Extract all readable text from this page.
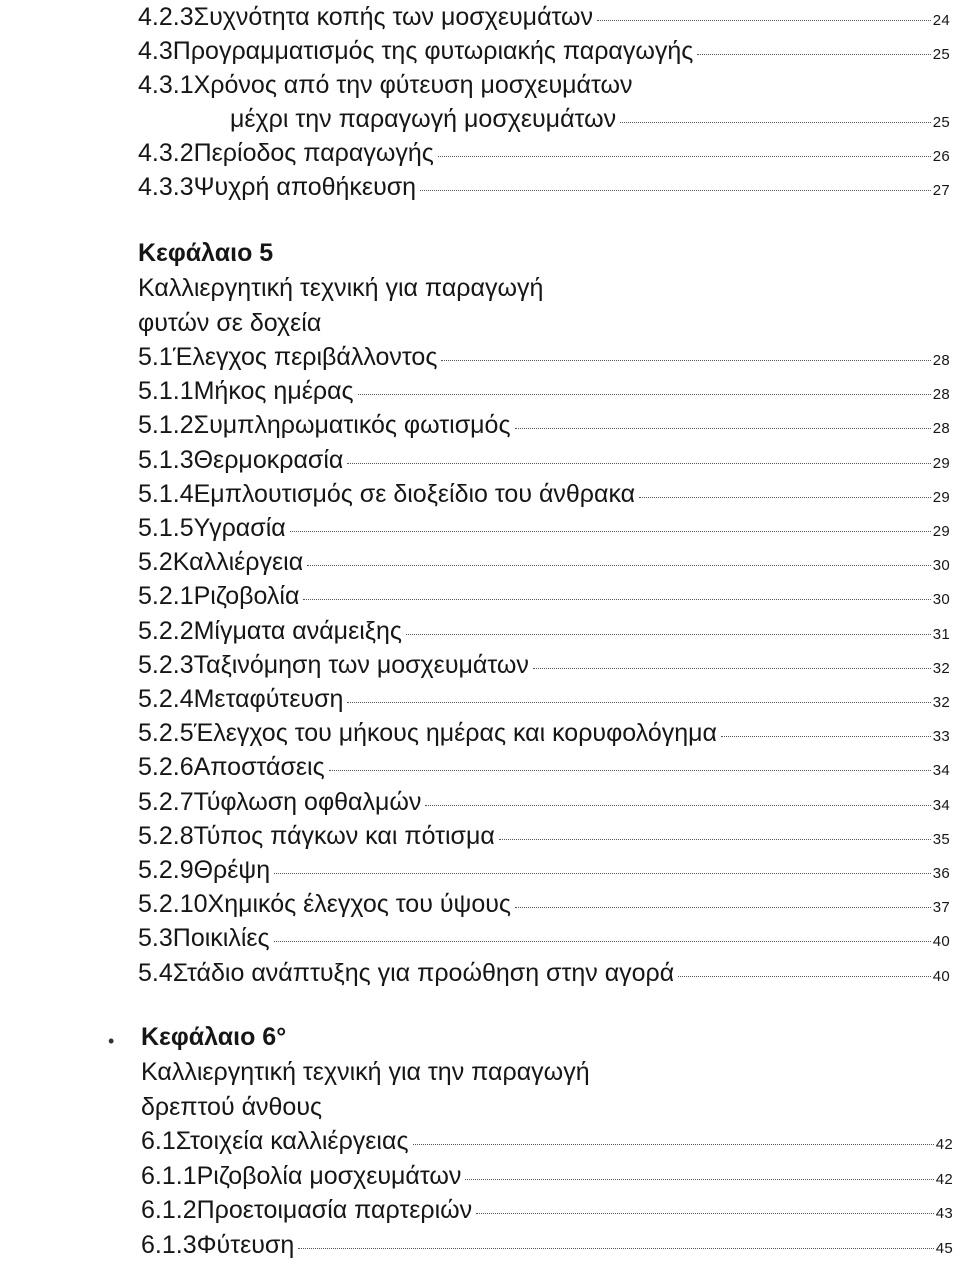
4.2.3 Συχνότητα κοπής των μοσχευμάτων	24
4.3 Προγραμματισμός της φυτωριακής παραγωγής	25
4.3.1 Χρόνος από την φύτευση μοσχευμάτων
μέχρι την παραγωγή μοσχευμάτων	25
4.3.2 Περίοδος παραγωγής	26
4.3.3 Ψυχρή αποθήκευση	27
Κεφάλαιο 5
Καλλιεργητική τεχνική για παραγωγή
φυτών σε δοχεία
5.1 Έλεγχος περιβάλλοντος	28
5.1.1 Μήκος ημέρας	28
5.1.2 Συμπληρωματικός φωτισμός	28
5.1.3 Θερμοκρασία	29
5.1.4 Εμπλουτισμός σε διοξείδιο του άνθρακα	29
5.1.5 Υγρασία	29
5.2 Καλλιέργεια	30
5.2.1 Ριζοβολία	30
5.2.2 Μίγματα ανάμειξης	31
5.2.3 Ταξινόμηση των μοσχευμάτων	32
5.2.4 Μεταφύτευση	32
5.2.5 Έλεγχος του μήκους ημέρας και κορυφολόγημα	33
5.2.6 Αποστάσεις	34
5.2.7 Τύφλωση οφθαλμών	34
5.2.8 Τύπος πάγκων και πότισμα	35
5.2.9 Θρέψη	36
5.2.10 Χημικός έλεγχος του ύψους	37
5.3 Ποικιλίες	40
5.4 Στάδιο ανάπτυξης για προώθηση στην αγορά	40
• Κεφάλαιο 6°
Καλλιεργητική τεχνική για την παραγωγή
δρεπτού άνθους
6.1 Στοιχεία καλλιέργειας	42
6.1.1 Ριζοβολία μοσχευμάτων	42
6.1.2 Προετοιμασία παρτεριών	43
6.1.3 Φύτευση	45
